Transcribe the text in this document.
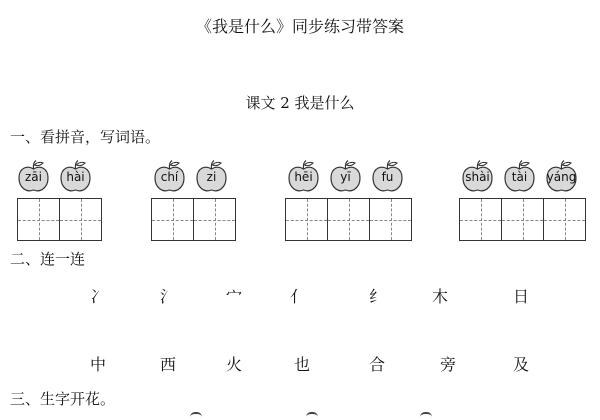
《我是什么》同步练习带答案
课文 2 我是什么
一、看拼音，写词语。
zāi	hài	chí	zi	hēi	yī	fu	shài	tài	yáng
二、连一连
冫	氵	宀	亻	纟	木	日
中	西	火	也	合	旁	及
三、生字开花。
